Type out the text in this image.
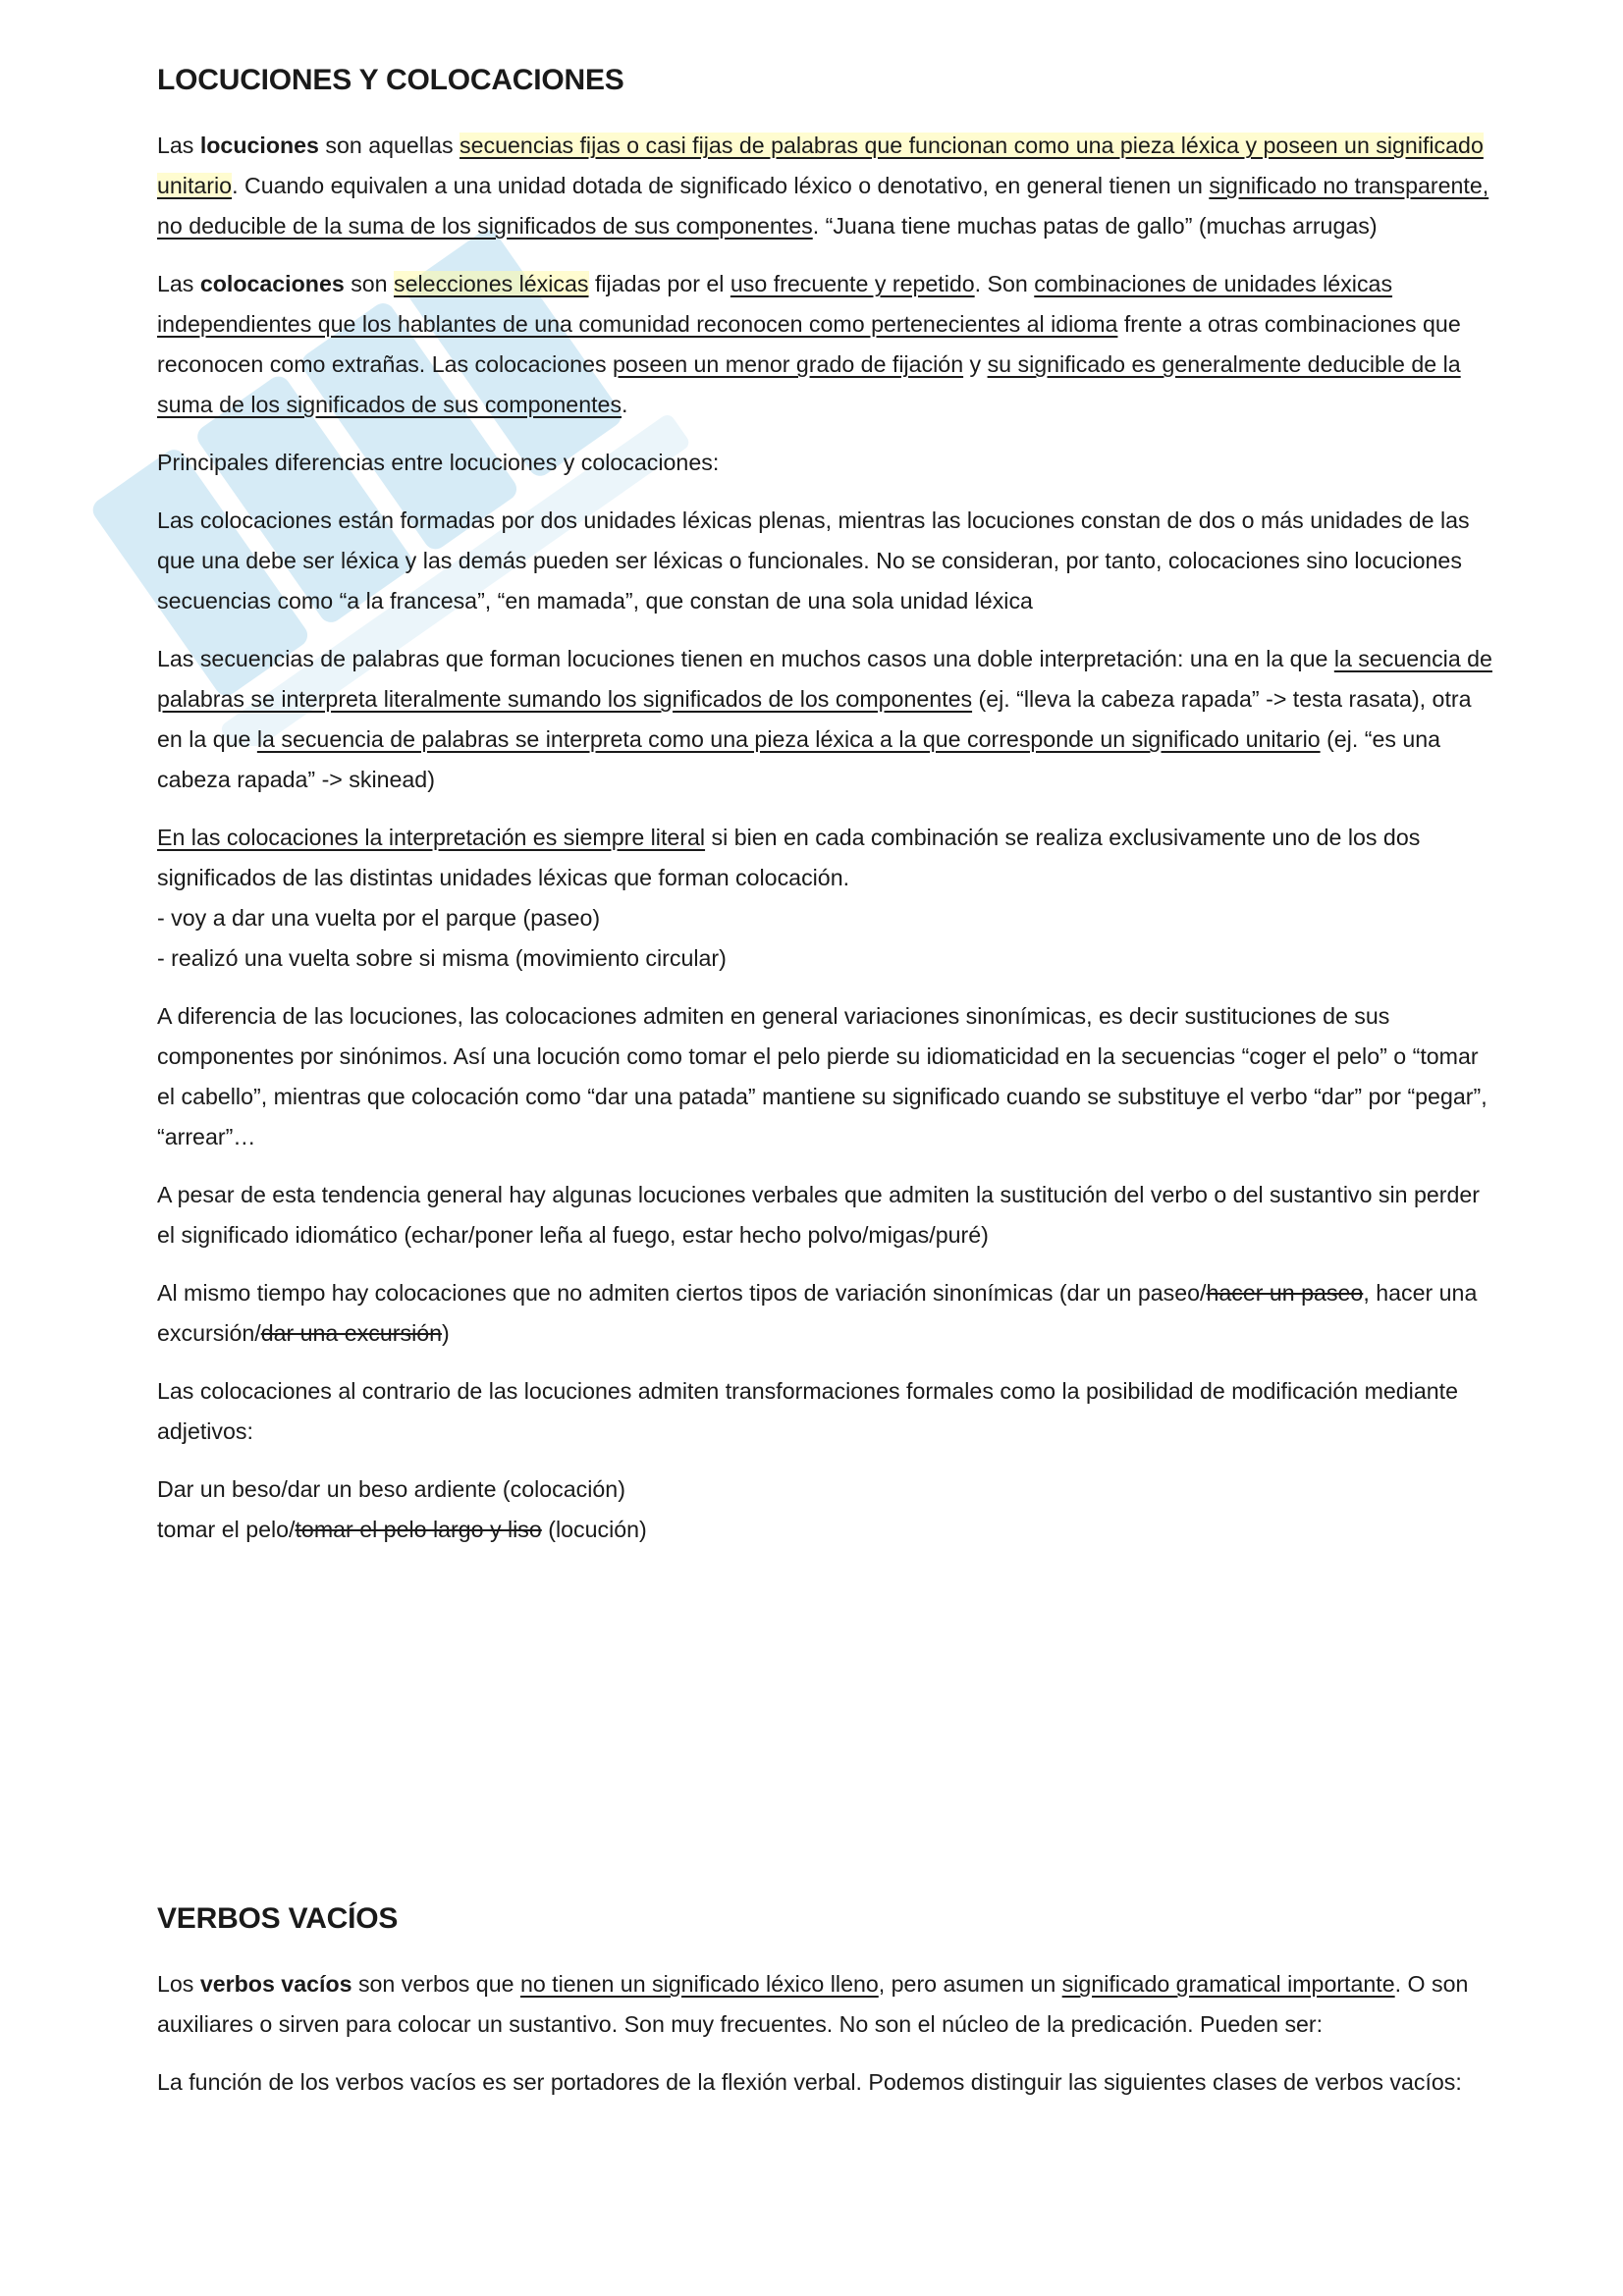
LOCUCIONES Y COLOCACIONES

Las locuciones son aquellas secuencias fijas o casi fijas de palabras que funcionan como una pieza léxica y poseen un significado unitario. Cuando equivalen a una unidad dotada de significado léxico o denotativo, en general tienen un significado no transparente, no deducible de la suma de los significados de sus componentes. “Juana tiene muchas patas de gallo” (muchas arrugas)

Las colocaciones son selecciones léxicas fijadas por el uso frecuente y repetido. Son combinaciones de unidades léxicas independientes que los hablantes de una comunidad reconocen como pertenecientes al idioma frente a otras combinaciones que reconocen como extrañas. Las colocaciones poseen un menor grado de fijación y su significado es generalmente deducible de la suma de los significados de sus componentes.

Principales diferencias entre locuciones y colocaciones:

Las colocaciones están formadas por dos unidades léxicas plenas, mientras las locuciones constan de dos o más unidades de las que una debe ser léxica y las demás pueden ser léxicas o funcionales. No se consideran, por tanto, colocaciones sino locuciones secuencias como “a la francesa”, “en mamada”, que constan de una sola unidad léxica

Las secuencias de palabras que forman locuciones tienen en muchos casos una doble interpretación: una en la que la secuencia de palabras se interpreta literalmente sumando los significados de los componentes (ej. “lleva la cabeza rapada” -> testa rasata), otra en la que la secuencia de palabras se interpreta como una pieza léxica a la que corresponde un significado unitario (ej. “es una cabeza rapada” -> skinead)

En las colocaciones la interpretación es siempre literal si bien en cada combinación se realiza exclusivamente uno de los dos significados de las distintas unidades léxicas que forman colocación.
- voy a dar una vuelta por el parque (paseo)
- realizó una vuelta sobre si misma (movimiento circular)

A diferencia de las locuciones, las colocaciones admiten en general variaciones sinonímicas, es decir sustituciones de sus componentes por sinónimos. Así una locución como tomar el pelo pierde su idiomaticidad en la secuencias “coger el pelo” o “tomar el cabello”, mientras que colocación como “dar una patada” mantiene su significado cuando se substituye el verbo “dar” por “pegar”, “arrear”…

A pesar de esta tendencia general hay algunas locuciones verbales que admiten la sustitución del verbo o del sustantivo sin perder el significado idiomático (echar/poner leña al fuego, estar hecho polvo/migas/puré)

Al mismo tiempo hay colocaciones que no admiten ciertos tipos de variación sinonímicas (dar un paseo/hacer un paseo, hacer una excursión/dar una excursión)

Las colocaciones al contrario de las locuciones admiten transformaciones formales como la posibilidad de modificación mediante adjetivos:

Dar un beso/dar un beso ardiente (colocación)
tomar el pelo/tomar el pelo largo y liso (locución)

VERBOS VACÍOS

Los verbos vacíos son verbos que no tienen un significado léxico lleno, pero asumen un significado gramatical importante. O son auxiliares o sirven para colocar un sustantivo. Son muy frecuentes. No son el núcleo de la predicación. Pueden ser:

La función de los verbos vacíos es ser portadores de la flexión verbal. Podemos distinguir las siguientes clases de verbos vacíos:
